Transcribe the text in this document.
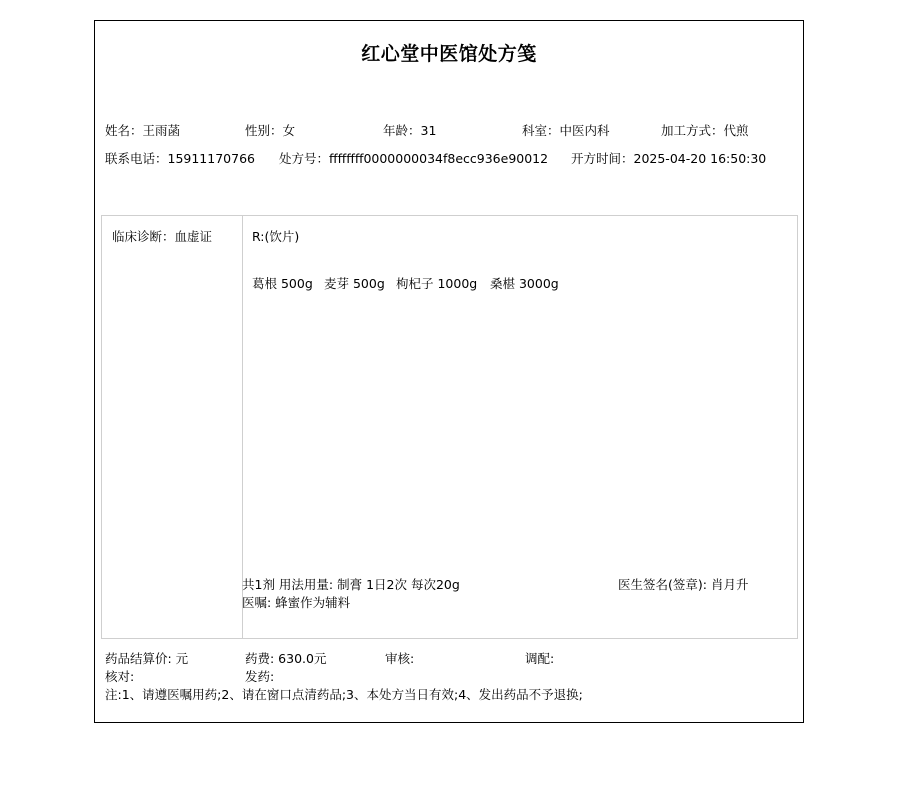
红心堂中医馆处方笺
姓名：王雨菡	性别：女	年龄：31	科室：中医内科	加工方式：代煎
联系电话：15911170766 处方号：ffffffff0000000034f8ecc936e90012 开方时间：2025-04-20 16:50:30
临床诊断：血虚证	R:(饮片)
葛根 500g 麦芽 500g 枸杞子 1000g 桑椹 3000g
共1剂 用法用量: 制膏 1日2次 每次20g
医嘱: 蜂蜜作为辅料
医生签名(签章): 肖月升
药品结算价: 元	药费: 630.0元	审核:	调配:
核对:	发药:
注:1、请遵医嘱用药;2、请在窗口点清药品;3、本处方当日有效;4、发出药品不予退换;
